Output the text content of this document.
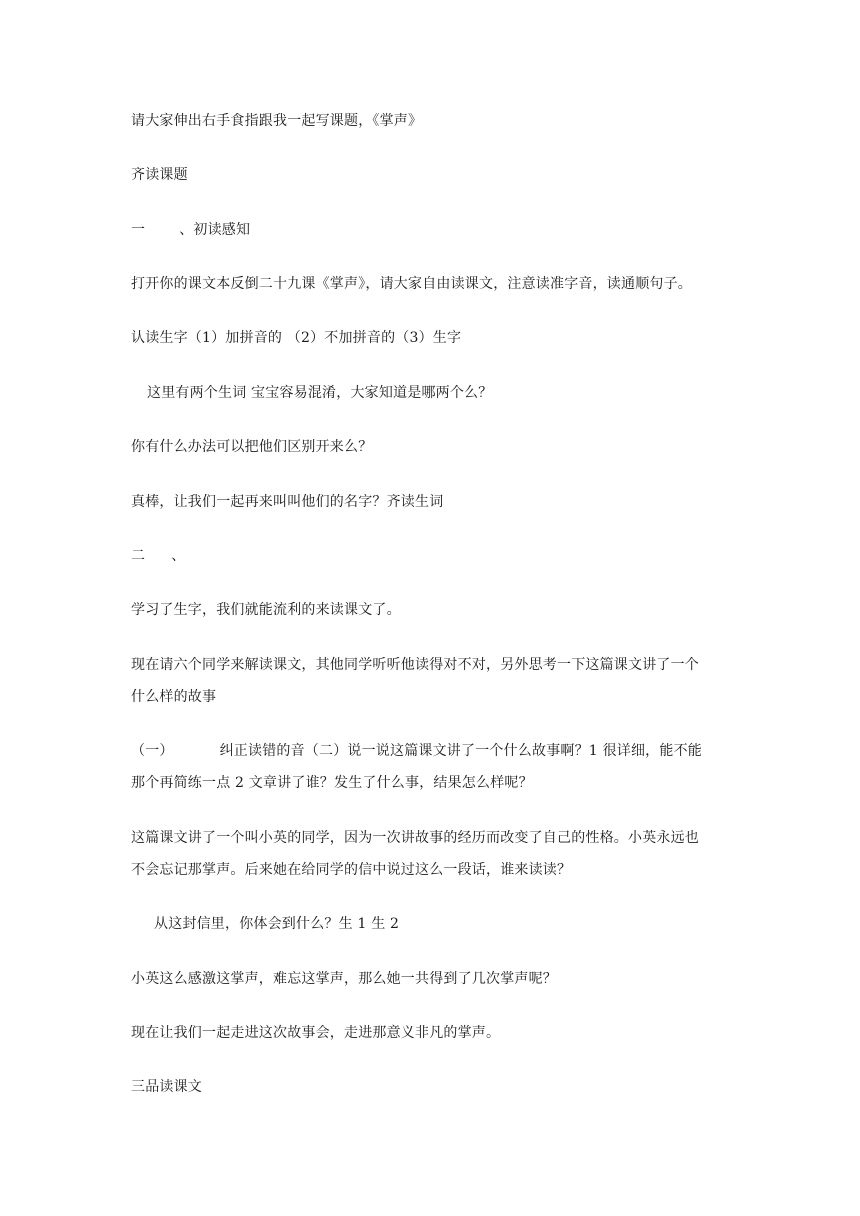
请大家伸出右手食指跟我一起写课题，《掌声》
齐读课题
一 、初读感知
打开你的课文本反倒二十九课《掌声》，请大家自由读课文，注意读准字音，读通顺句子。
认读生字（1）加拼音的 （2）不加拼音的（3）生字
这里有两个生词 宝宝容易混淆，大家知道是哪两个么？
你有什么办法可以把他们区别开来么？
真棒，让我们一起再来叫叫他们的名字？齐读生词
二 、
学习了生字，我们就能流利的来读课文了。
现在请六个同学来解读课文，其他同学听听他读得对不对，另外思考一下这篇课文讲了一个
什么样的故事
（一）	纠正读错的音（二）说一说这篇课文讲了一个什么故事啊？1 很详细，能不能
那个再简练一点 2 文章讲了谁？发生了什么事，结果怎么样呢？
这篇课文讲了一个叫小英的同学，因为一次讲故事的经历而改变了自己的性格。小英永远也
不会忘记那掌声。后来她在给同学的信中说过这么一段话，谁来读读？
从这封信里，你体会到什么？生 1 生 2
小英这么感激这掌声，难忘这掌声，那么她一共得到了几次掌声呢？
现在让我们一起走进这次故事会，走进那意义非凡的掌声。
三品读课文
